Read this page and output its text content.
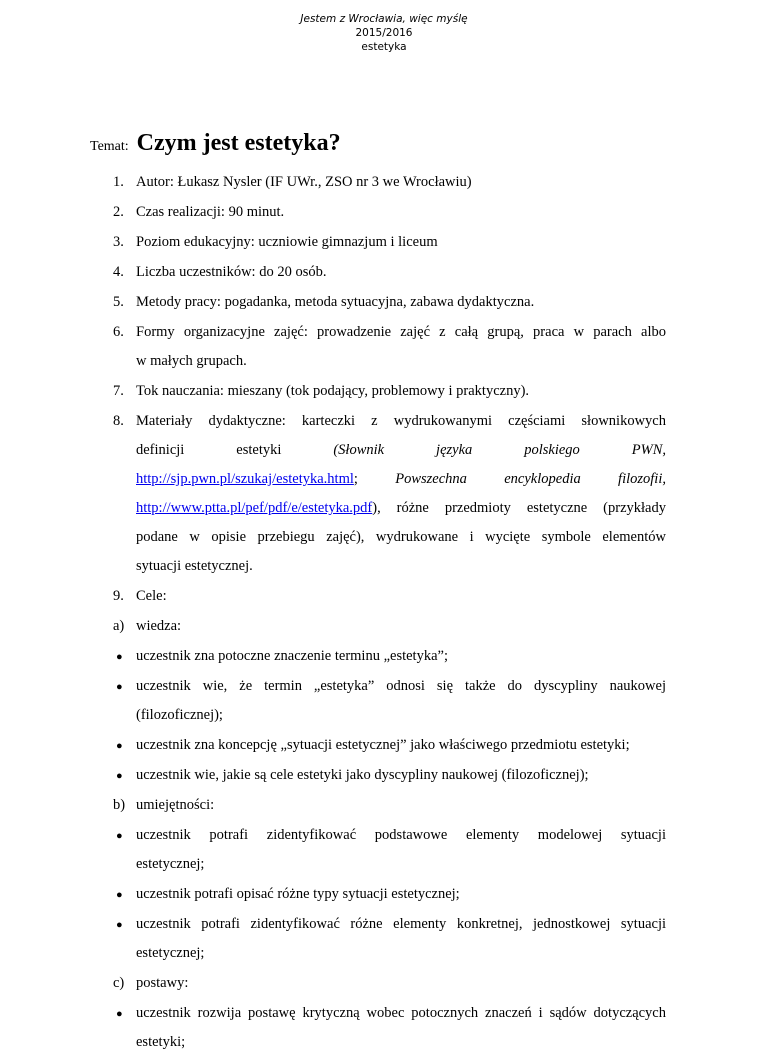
Jestem z Wrocławia, więc myślę
2015/2016
estetyka
Temat: Czym jest estetyka?
1. Autor: Łukasz Nysler (IF UWr., ZSO nr 3 we Wrocławiu)
2. Czas realizacji: 90 minut.
3. Poziom edukacyjny: uczniowie gimnazjum i liceum
4. Liczba uczestników: do 20 osób.
5. Metody pracy: pogadanka, metoda sytuacyjna, zabawa dydaktyczna.
6. Formy organizacyjne zajęć: prowadzenie zajęć z całą grupą, praca w parach albo
w małych grupach.
7. Tok nauczania: mieszany (tok podający, problemowy i praktyczny).
8. Materiały dydaktyczne: karteczki z wydrukowanymi częściami słownikowych
definicji	estetyki	(Słownik	języka	polskiego	PWN,
http://sjp.pwn.pl/szukaj/estetyka.html;	Powszechna	encyklopedia	filozofii,
http://www.ptta.pl/pef/pdf/e/estetyka.pdf ), różne przedmioty estetyczne (przykłady
podane w opisie przebiegu zajęć), wydrukowane i wycięte symbole elementów
sytuacji estetycznej.
9. Cele:
a) wiedza:
● uczestnik zna potoczne znaczenie terminu „estetyka”;
● uczestnik wie, że termin „estetyka” odnosi się także do dyscypliny naukowej
(filozoficznej);
● uczestnik zna koncepcję „sytuacji estetycznej” jako właściwego przedmiotu estetyki;
● uczestnik wie, jakie są cele estetyki jako dyscypliny naukowej (filozoficznej);
b) umiejętności:
● uczestnik potrafi zidentyfikować podstawowe elementy modelowej sytuacji
estetycznej;
● uczestnik potrafi opisać różne typy sytuacji estetycznej;
● uczestnik potrafi zidentyfikować różne elementy konkretnej, jednostkowej sytuacji
estetycznej;
c) postawy:
● uczestnik rozwija postawę krytyczną wobec potocznych znaczeń i sądów dotyczących
estetyki;
